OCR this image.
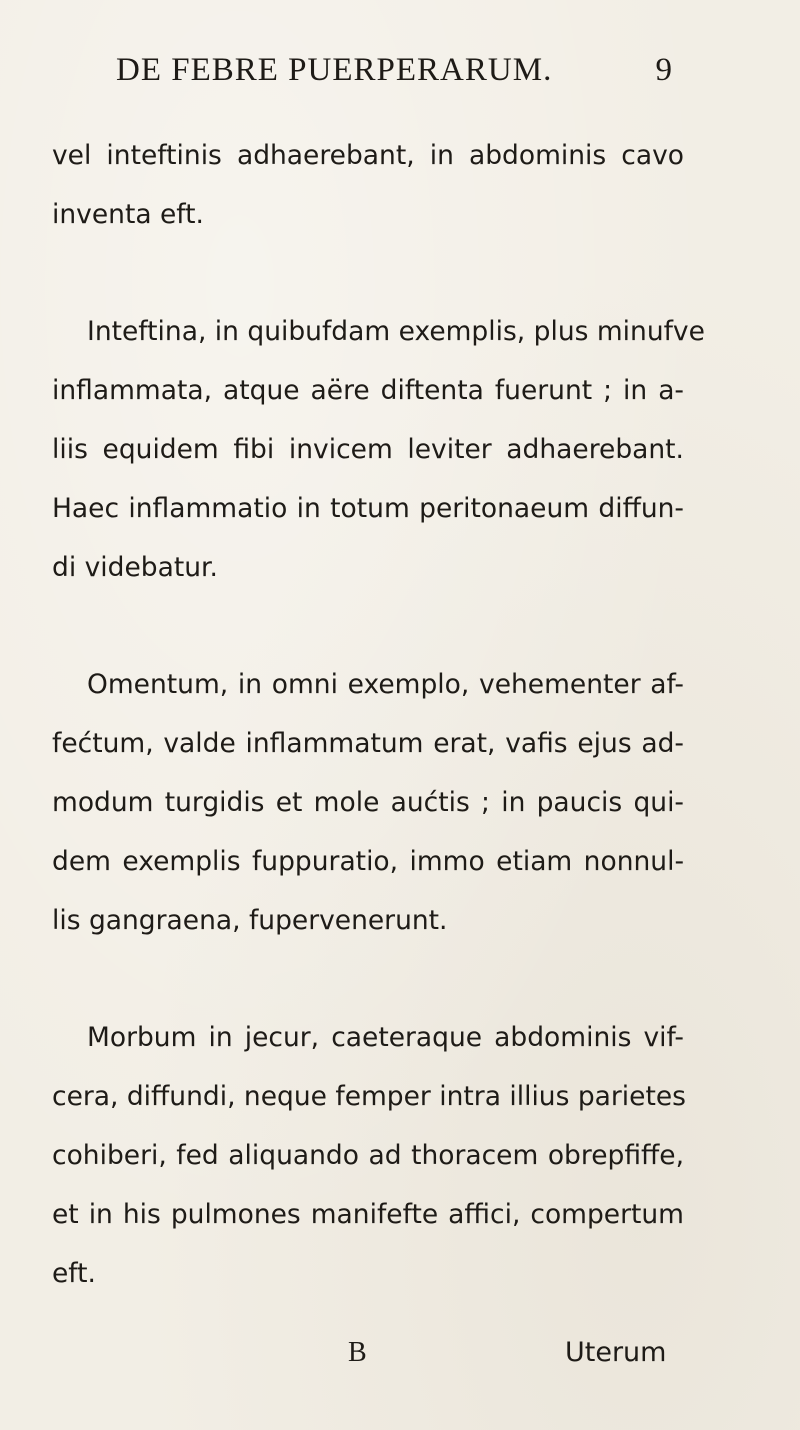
DE FEBRE PUERPERARUM.	9
vel inteftinis adhaerebant, in abdominis cavo
inventa eft.
Inteftina, in quibufdam exemplis, plus minufve
inflammata, atque aëre diftenta fuerunt ; in a-
liis equidem fibi invicem leviter adhaerebant.
Haec inflammatio in totum peritonaeum diffun-
di videbatur.
Omentum, in omni exemplo, vehementer af-
fećtum, valde inflammatum erat, vafis ejus ad-
modum turgidis et mole aućtis ; in paucis qui-
dem exemplis fuppuratio, immo etiam nonnul-
lis gangraena, fupervenerunt.
Morbum in jecur, caeteraque abdominis vif-
cera, diffundi, neque femper intra illius parietes
cohiberi, fed aliquando ad thoracem obrepfiffe,
et in his pulmones manifefte affici, compertum
eft.
B	Uterum
